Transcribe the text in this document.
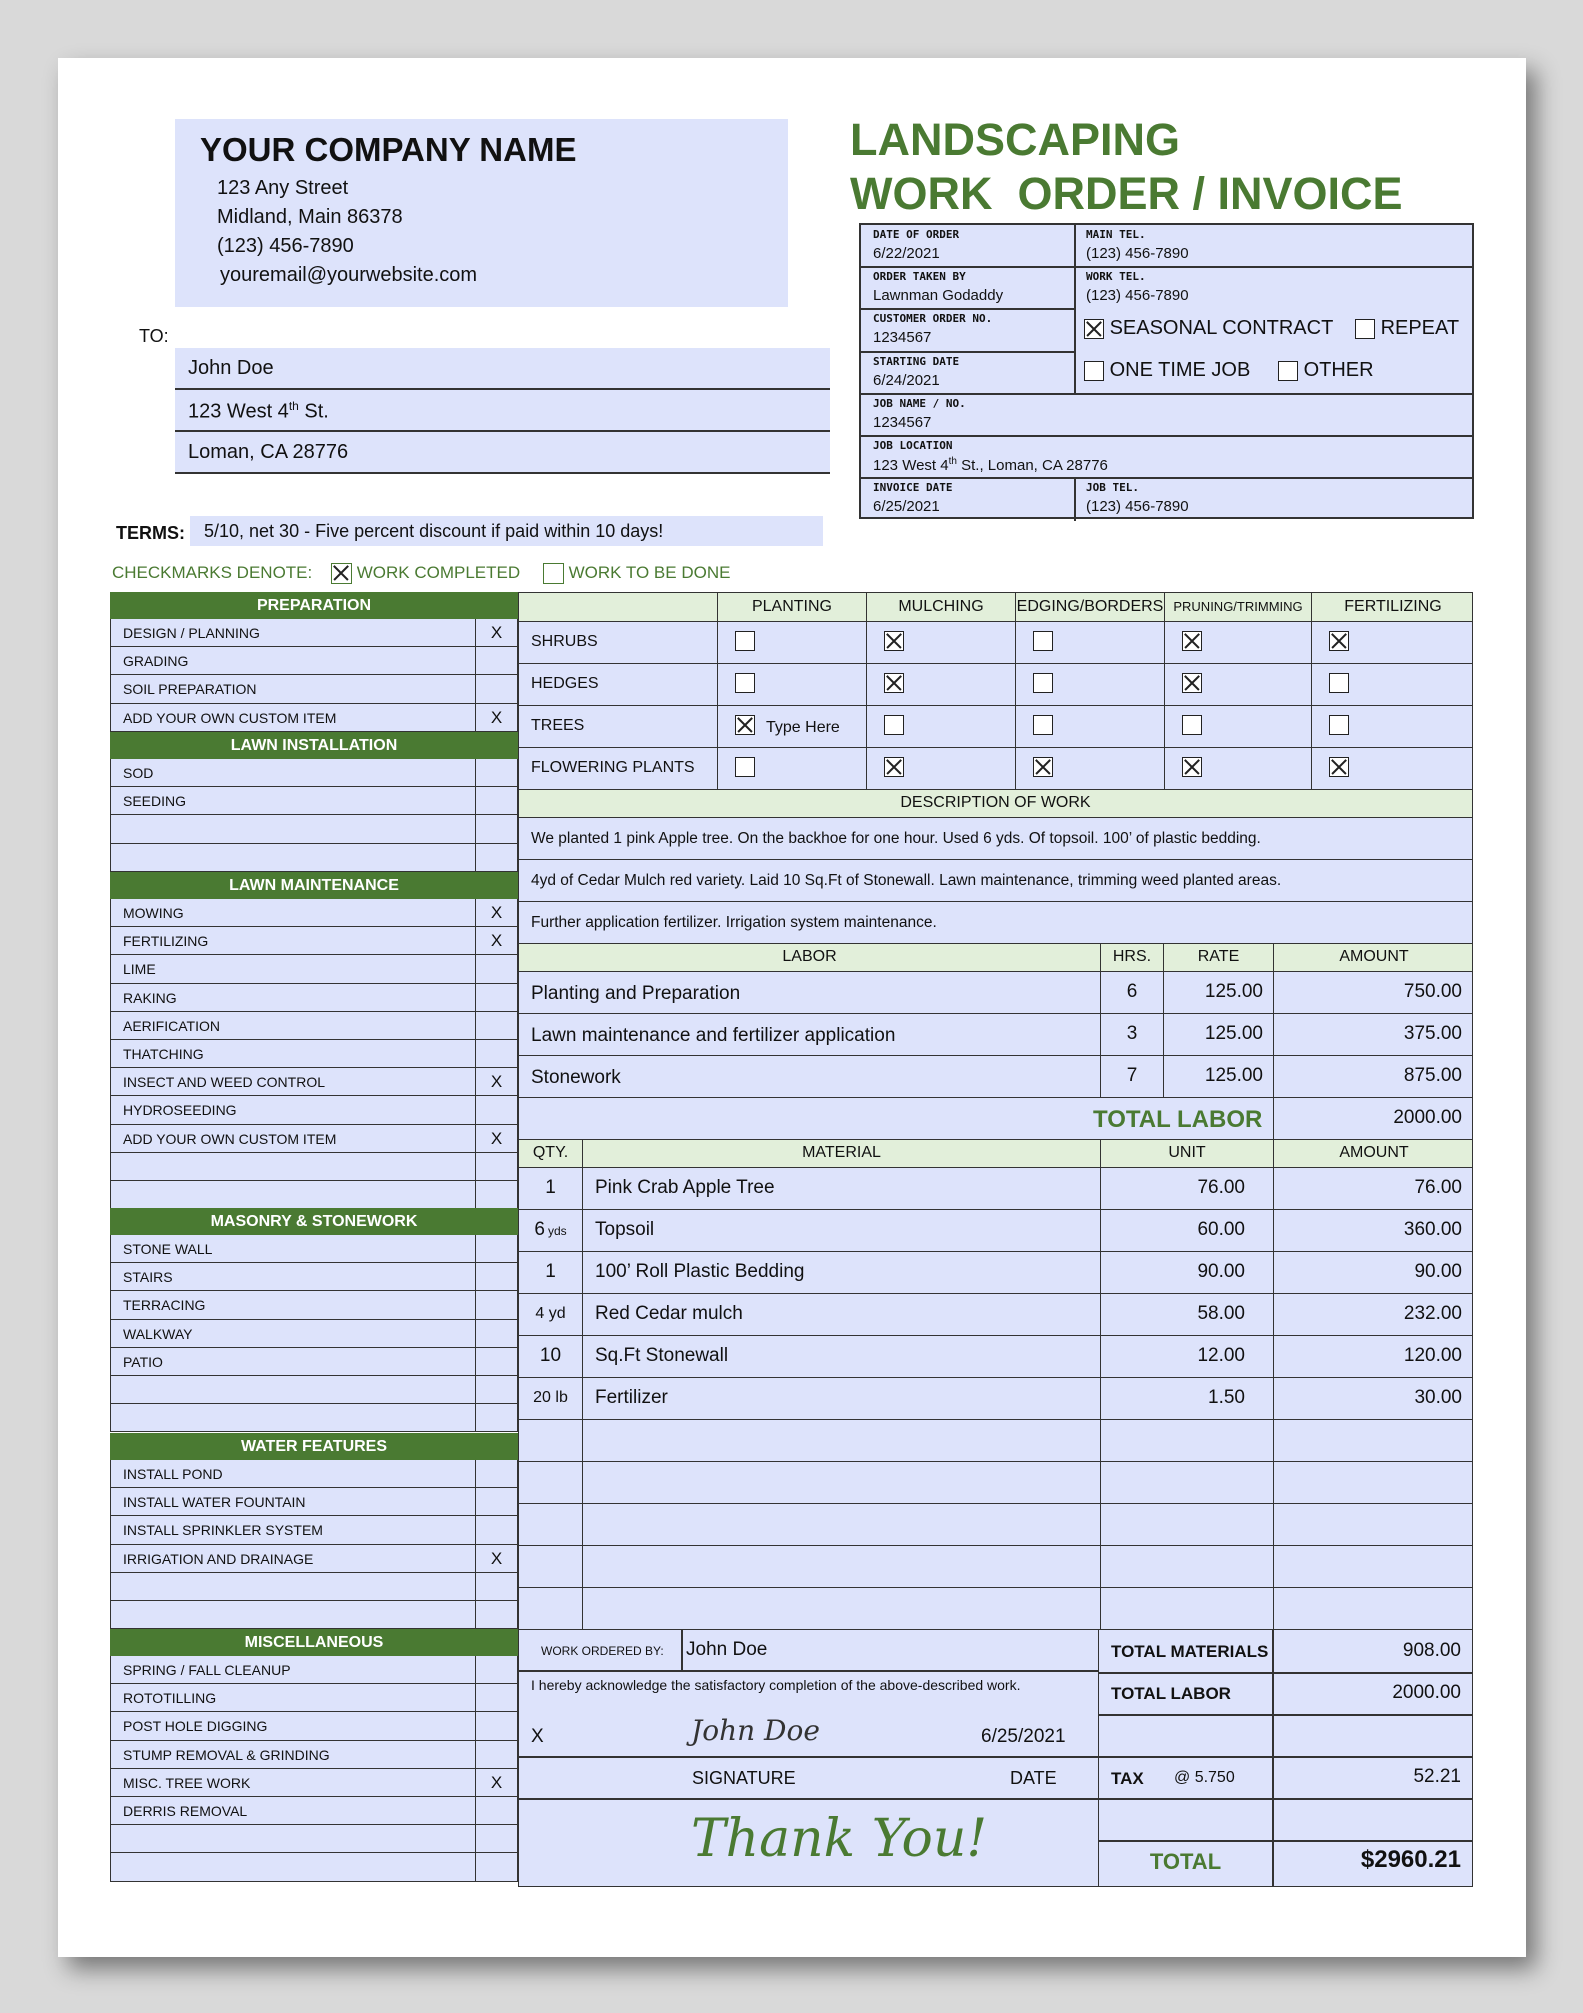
YOUR COMPANY NAME
123 Any Street
Midland, Main 86378
(123) 456-7890
youremail@yourwebsite.com
LANDSCAPING
WORK  ORDER / INVOICE
TO:
John Doe
123 West 4th St.
Loman, CA 28776
TERMS: 5/10, net 30 - Five percent discount if paid within 10 days!
CHECKMARKS DENOTE:	WORK COMPLETED	WORK TO BE DONE
DATE OF ORDER
6/22/2021
MAIN TEL.
(123) 456-7890
ORDER TAKEN BY
Lawnman Godaddy
WORK TEL.
(123) 456-7890
CUSTOMER ORDER NO.
1234567	SEASONAL CONTRACT	REPEAT
STARTING DATE
6/24/2021	ONE TIME JOB	OTHER
JOB NAME / NO.
1234567
JOB LOCATION
123 West 4th St., Loman, CA 28776
INVOICE DATE
6/25/2021
JOB TEL.
(123) 456-7890
PREPARATION
DESIGN / PLANNING	X
GRADING
SOIL PREPARATION
ADD YOUR OWN CUSTOM ITEM	X
LAWN INSTALLATION
SOD
SEEDING
LAWN MAINTENANCE
MOWING	X
FERTILIZING	X
LIME
RAKING
AERIFICATION
THATCHING
INSECT AND WEED CONTROL	X
HYDROSEEDING
ADD YOUR OWN CUSTOM ITEM	X
MASONRY & STONEWORK
STONE WALL
STAIRS
TERRACING
WALKWAY
PATIO
WATER FEATURES
INSTALL POND
INSTALL WATER FOUNTAIN
INSTALL SPRINKLER SYSTEM
IRRIGATION AND DRAINAGE	X
MISCELLANEOUS
SPRING / FALL CLEANUP
ROTOTILLING
POST HOLE DIGGING
STUMP REMOVAL & GRINDING
MISC. TREE WORK	X
DERRIS REMOVAL
PLANTING	MULCHING	EDGING/BORDERS PRUNING/TRIMMING	FERTILIZING
SHRUBS
HEDGES
TREES	Type Here
FLOWERING PLANTS
DESCRIPTION OF WORK
We planted 1 pink Apple tree. On the backhoe for one hour. Used 6 yds. Of topsoil. 100’ of plastic bedding.
4yd of Cedar Mulch red variety. Laid 10 Sq.Ft of Stonewall. Lawn maintenance, trimming weed planted areas.
Further application fertilizer. Irrigation system maintenance.
LABOR	HRS.	RATE	AMOUNT
Planting and Preparation	6	125.00	750.00
Lawn maintenance and fertilizer application	3	125.00	375.00
Stonework	7	125.00	875.00
TOTAL LABOR	2000.00
QTY.	MATERIAL	UNIT	AMOUNT
1	Pink Crab Apple Tree	76.00	76.00
6 yds	Topsoil	60.00	360.00
1	100’ Roll Plastic Bedding	90.00	90.00
4 yd	Red Cedar mulch	58.00	232.00
10	Sq.Ft Stonewall	12.00	120.00
20 lb	Fertilizer	1.50	30.00
WORK ORDERED BY: John Doe
I hereby acknowledge the satisfactory completion of the above-described work.
X	John Doe	6/25/2021
SIGNATURE	DATE
Thank You!
TOTAL MATERIALS	908.00
TOTAL LABOR	2000.00
TAX @ 5.750	52.21
TOTAL	$2960.21
